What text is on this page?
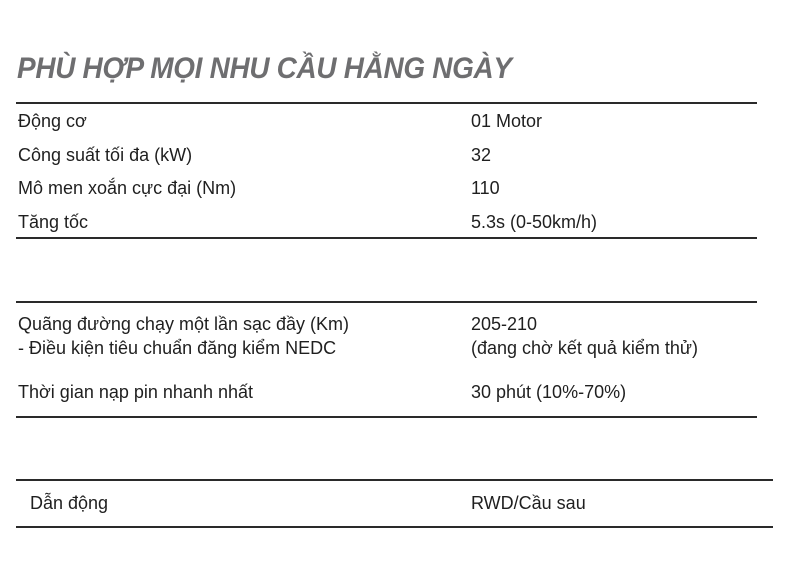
PHÙ HỢP MỌI NHU CẦU HẰNG NGÀY
Động cơ	01 Motor
Công suất tối đa (kW)	32
Mô men xoắn cực đại (Nm)	110
Tăng tốc	5.3s (0-50km/h)
Quãng đường chạy một lần sạc đầy (Km)	205-210
- Điều kiện tiêu chuẩn đăng kiểm NEDC	(đang chờ kết quả kiểm thử)
Thời gian nạp pin nhanh nhất	30 phút (10%-70%)
Dẫn động	RWD/Cầu sau
